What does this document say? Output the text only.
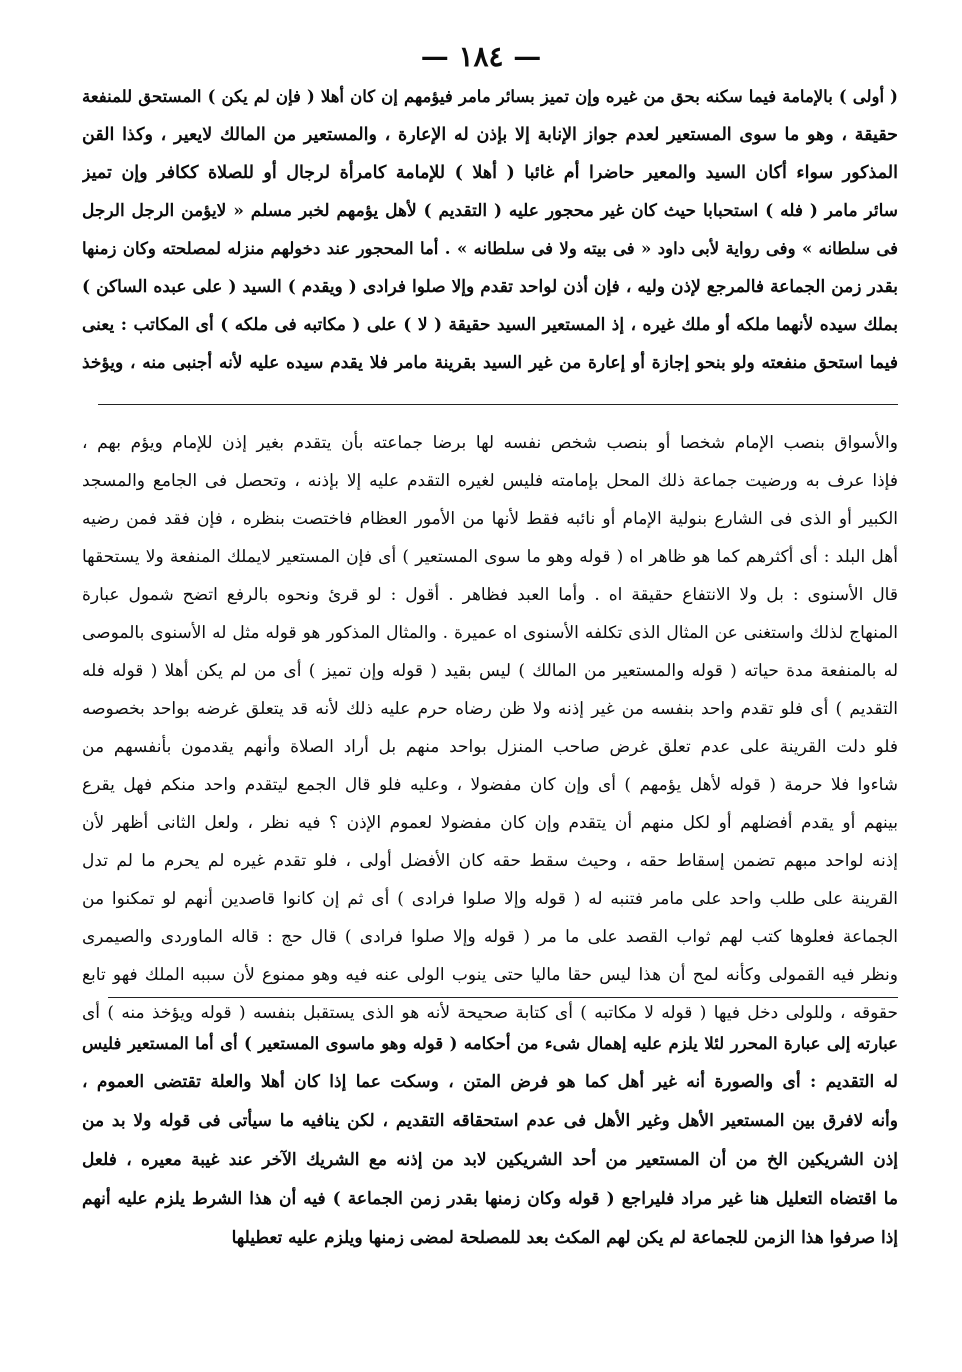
— ١٨٤ —
( أولى ) بالإمامة فيما سكنه بحق من غيره وإن تميز بسائر مامر فيؤمهم إن كان أهلا ( فإن لم يكن ) المستحق للمنفعة
حقيقة ، وهو ما سوى المستعير لعدم جواز الإنابة إلا بإذن له الإعارة ، والمستعير من المالك لايعير ، وكذا القن
المذكور سواء أكان السيد والمعير حاضرا أم غائبا ( أهلا ) للإمامة كامرأة لرجال أو للصلاة ككافر وإن تميز
سائر مامر ( فله ) استحبابا حيث كان غير محجور عليه ( التقديم ) لأهل يؤمهم لخبر مسلم « لايؤمن الرجل الرجل
فى سلطانه » وفى رواية لأبى داود « فى بيته ولا فى سلطانه » . أما المحجور عند دخولهم منزله لمصلحته وكان زمنها
بقدر زمن الجماعة فالمرجع لإذن وليه ، فإن أذن لواحد تقدم وإلا صلوا فرادى ( ويقدم ) السيد ( على عبده الساكن )
بملك سيده لأنهما ملكه أو ملك غيره ، إذ المستعير السيد حقيقة ( لا ) على ( مكاتبه فى ملكه ) أى المكاتب : يعنى
فيما استحق منفعته ولو بنحو إجازة أو إعارة من غير السيد بقرينة مامر فلا يقدم سيده عليه لأنه أجنبى منه ، ويؤخذ
والأسواق بنصب الإمام شخصا أو بنصب شخص نفسه لها برضا جماعته بأن يتقدم بغير إذن للإمام ويؤم بهم ،
فإذا عرف به ورضيت جماعة ذلك المحل بإمامته فليس لغيره التقدم عليه إلا بإذنه ، وتحصل فى الجامع والمسجد
الكبير أو الذى فى الشارع بنولية الإمام أو نائبه فقط لأنها من الأمور العظام فاختصت بنظره ، فإن فقد فمن رضيه
أهل البلد : أى أكثرهم كما هو ظاهر اه ( قوله وهو ما سوى المستعير ) أى فإن المستعير لايملك المنفعة ولا يستحقها
قال الأسنوى : بل ولا الانتفاع حقيقة اه . وأما العبد فظاهر . أقول : لو قرئ ونحوه بالرفع اتضح شمول عبارة
المنهاج لذلك واستغنى عن المثال الذى تكلفه الأسنوى اه عميرة . والمثال المذكور هو قوله مثل له الأسنوى بالموصى
له بالمنفعة مدة حياته ( قوله والمستعير من المالك ) ليس بقيد ( قوله وإن تميز ) أى من لم يكن أهلا ( قوله فله
التقديم ) أى فلو تقدم واحد بنفسه من غير إذنه ولا ظن رضاه حرم عليه ذلك لأنه قد يتعلق غرضه بواحد بخصوصه
فلو دلت القرينة على عدم تعلق غرض صاحب المنزل بواحد منهم بل أراد الصلاة وأنهم يقدمون بأنفسهم من
شاءوا فلا حرمة ( قوله لأهل يؤمهم ) أى وإن كان مفضولا ، وعليه فلو قال الجمع ليتقدم واحد منكم فهل يقرع
بينهم أو يقدم أفضلهم أو لكل منهم أن يتقدم وإن كان مفضولا لعموم الإذن ؟ فيه نظر ، ولعل الثانى أظهر لأن
إذنه لواحد مبهم تضمن إسقاط حقه ، وحيث سقط حقه كان الأفضل أولى ، فلو تقدم غيره لم يحرم ما لم تدل
القرينة على طلب واحد على مامر فتنبه له ( قوله وإلا صلوا فرادى ) أى ثم إن كانوا قاصدين أنهم لو تمكنوا من
الجماعة فعلوها كتب لهم ثواب القصد على ما مر ( قوله وإلا صلوا فرادى ) قال حج : قاله الماوردى والصيمرى
ونظر فيه القمولى وكأنه لمح أن هذا ليس حقا ماليا حتى ينوب الولى عنه فيه وهو ممنوع لأن سببه الملك فهو تابع
حقوقه ، وللولى دخل فيها ( قوله لا مكاتبه ) أى كتابة صحيحة لأنه هو الذى يستقبل بنفسه ( قوله ويؤخذ منه ) أى
عبارته إلى عبارة المحرر لئلا يلزم عليه إهمال شىء من أحكامه ( قوله وهو ماسوى المستعير ) أى أما المستعير فليس
له التقديم : أى والصورة أنه غير أهل كما هو فرض المتن ، وسكت عما إذا كان أهلا والعلة تقتضى العموم ،
وأنه لافرق بين المستعير الأهل وغير الأهل فى عدم استحقاقه التقديم ، لكن ينافيه ما سيأتى فى قوله ولا بد من
إذن الشريكين الخ من أن المستعير من أحد الشريكين لابد من إذنه مع الشريك الآخر عند غيبة معيره ، فلعل
ما اقتضاه التعليل هنا غير مراد فليراجع ( قوله وكان زمنها بقدر زمن الجماعة ) فيه أن هذا الشرط يلزم عليه أنهم
إذا صرفوا هذا الزمن للجماعة لم يكن لهم المكث بعد للمصلحة لمضى زمنها ويلزم عليه تعطيلها
